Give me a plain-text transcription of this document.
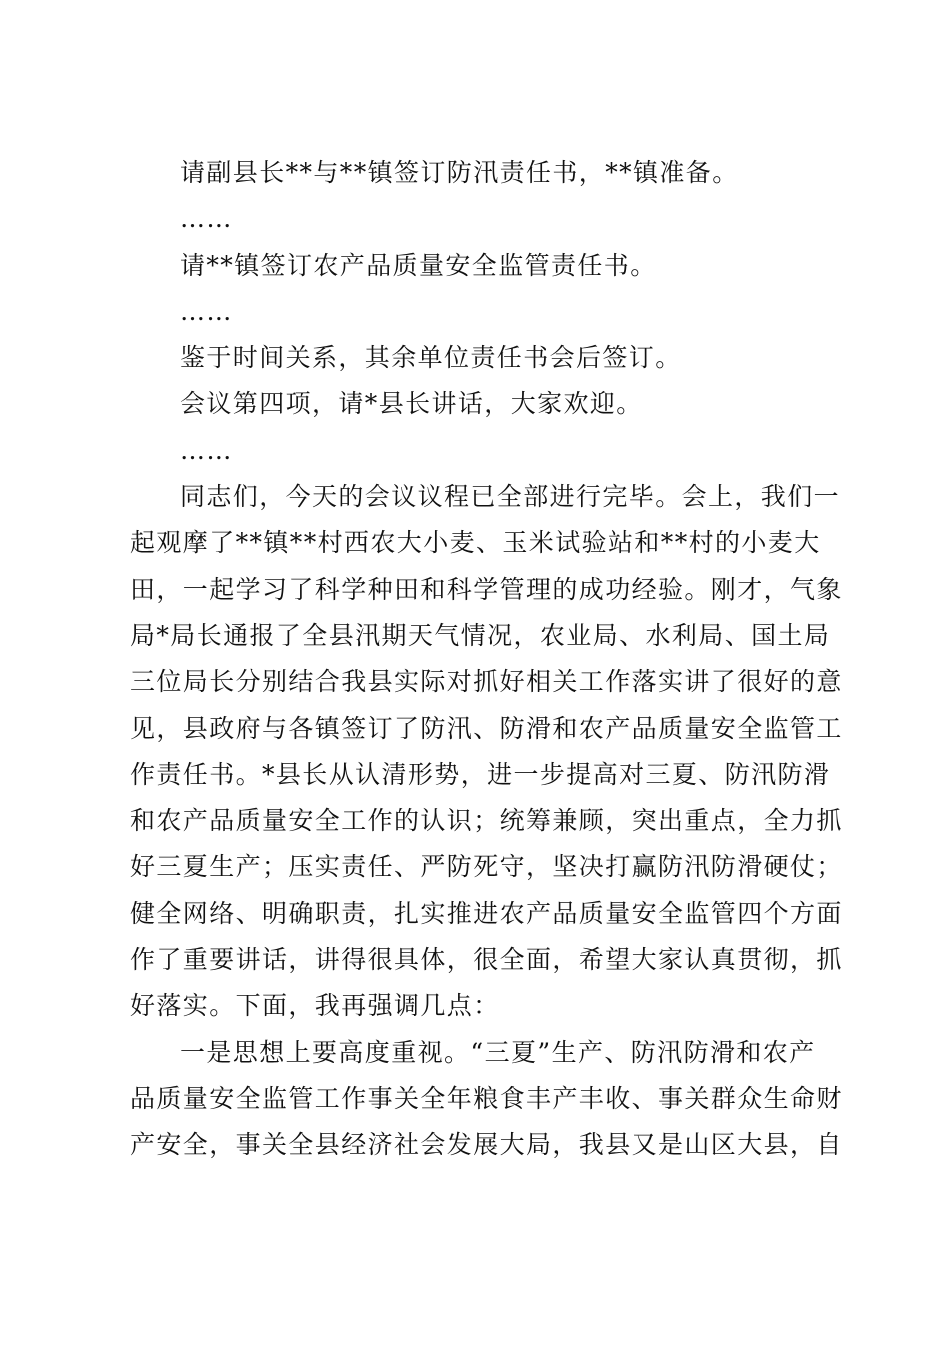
请副县长**与**镇签订防汛责任书，**镇准备。

……

请**镇签订农产品质量安全监管责任书。

……

鉴于时间关系，其余单位责任书会后签订。

会议第四项，请*县长讲话，大家欢迎。

……

同志们，今天的会议议程已全部进行完毕。会上，我们一

起观摩了**镇**村西农大小麦、玉米试验站和**村的小麦大

田，一起学习了科学种田和科学管理的成功经验。刚才，气象

局*局长通报了全县汛期天气情况，农业局、水利局、国土局

三位局长分别结合我县实际对抓好相关工作落实讲了很好的意

见，县政府与各镇签订了防汛、防滑和农产品质量安全监管工

作责任书。*县长从认清形势，进一步提高对三夏、防汛防滑

和农产品质量安全工作的认识；统筹兼顾，突出重点，全力抓

好三夏生产；压实责任、严防死守，坚决打赢防汛防滑硬仗；

健全网络、明确职责，扎实推进农产品质量安全监管四个方面

作了重要讲话，讲得很具体，很全面，希望大家认真贯彻，抓

好落实。下面，我再强调几点：

一是思想上要高度重视。“三夏”生产、防汛防滑和农产

品质量安全监管工作事关全年粮食丰产丰收、事关群众生命财

产安全，事关全县经济社会发展大局，我县又是山区大县，自
